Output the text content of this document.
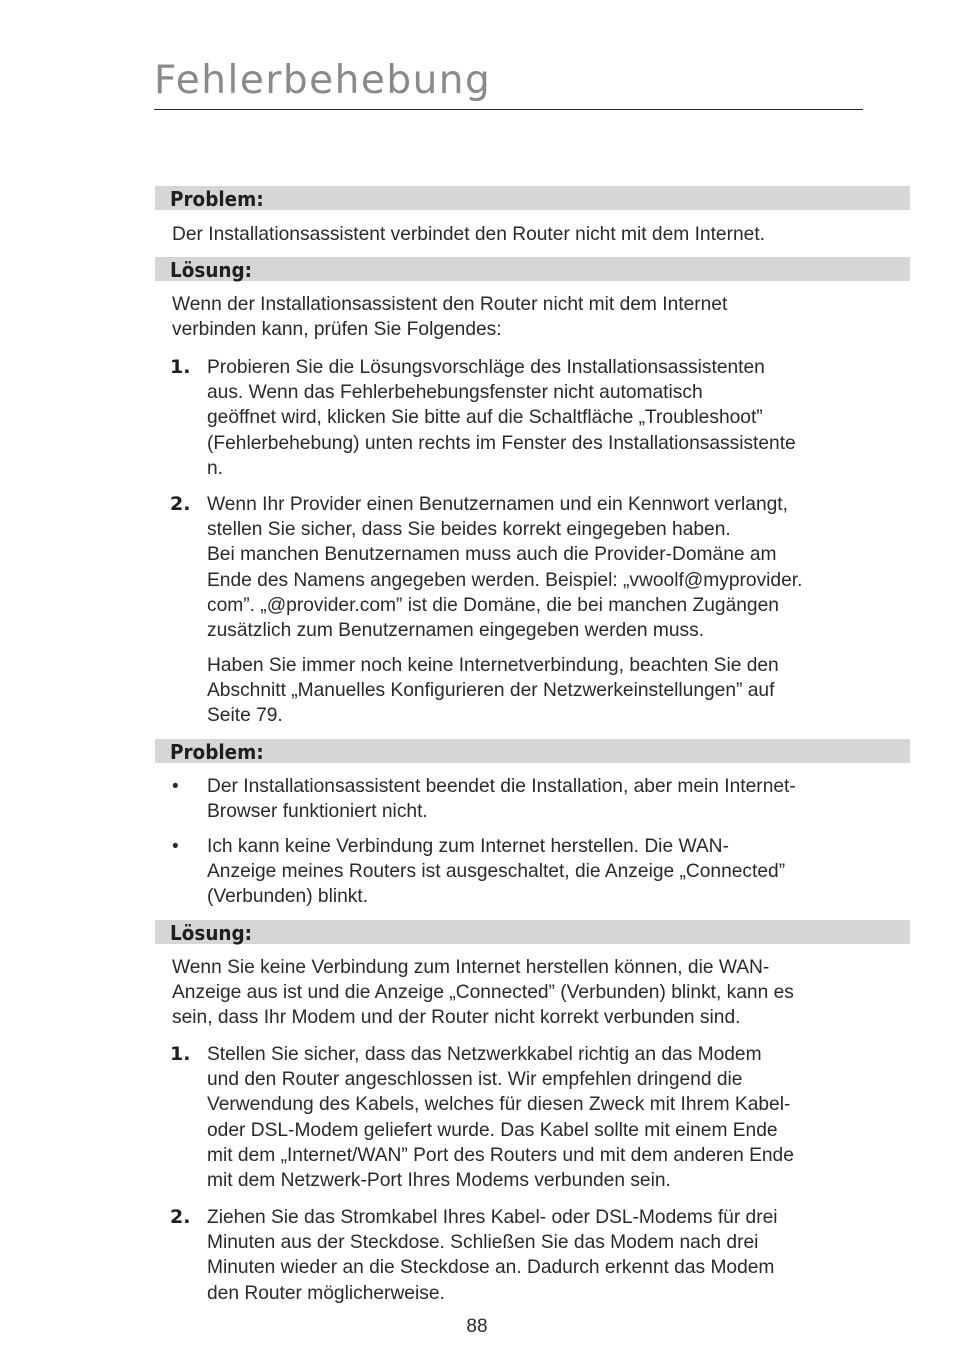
Fehlerbehebung
Problem:
Der Installationsassistent verbindet den Router nicht mit dem Internet.
Lösung:
Wenn der Installationsassistent den Router nicht mit dem Internet
verbinden kann, prüfen Sie Folgendes:
1. Probieren Sie die Lösungsvorschläge des Installationsassistenten
aus. Wenn das Fehlerbehebungsfenster nicht automatisch
geöffnet wird, klicken Sie bitte auf die Schaltfläche „Troubleshoot”
(Fehlerbehebung) unten rechts im Fenster des Installationsassistente
n.
2. Wenn Ihr Provider einen Benutzernamen und ein Kennwort verlangt,
stellen Sie sicher, dass Sie beides korrekt eingegeben haben.
Bei manchen Benutzernamen muss auch die Provider-Domäne am
Ende des Namens angegeben werden. Beispiel: „vwoolf@myprovider.
com”. „@provider.com” ist die Domäne, die bei manchen Zugängen
zusätzlich zum Benutzernamen eingegeben werden muss.
Haben Sie immer noch keine Internetverbindung, beachten Sie den
Abschnitt „Manuelles Konfigurieren der Netzwerkeinstellungen” auf
Seite 79.
Problem:
• Der Installationsassistent beendet die Installation, aber mein Internet-
Browser funktioniert nicht.
• Ich kann keine Verbindung zum Internet herstellen. Die WAN-
Anzeige meines Routers ist ausgeschaltet, die Anzeige „Connected”
(Verbunden) blinkt.
Lösung:
Wenn Sie keine Verbindung zum Internet herstellen können, die WAN-
Anzeige aus ist und die Anzeige „Connected” (Verbunden) blinkt, kann es
sein, dass Ihr Modem und der Router nicht korrekt verbunden sind.
1. Stellen Sie sicher, dass das Netzwerkkabel richtig an das Modem
und den Router angeschlossen ist. Wir empfehlen dringend die
Verwendung des Kabels, welches für diesen Zweck mit Ihrem Kabel-
oder DSL-Modem geliefert wurde. Das Kabel sollte mit einem Ende
mit dem „Internet/WAN” Port des Routers und mit dem anderen Ende
mit dem Netzwerk-Port Ihres Modems verbunden sein.
2. Ziehen Sie das Stromkabel Ihres Kabel- oder DSL-Modems für drei
Minuten aus der Steckdose. Schließen Sie das Modem nach drei
Minuten wieder an die Steckdose an. Dadurch erkennt das Modem
den Router möglicherweise.
88
